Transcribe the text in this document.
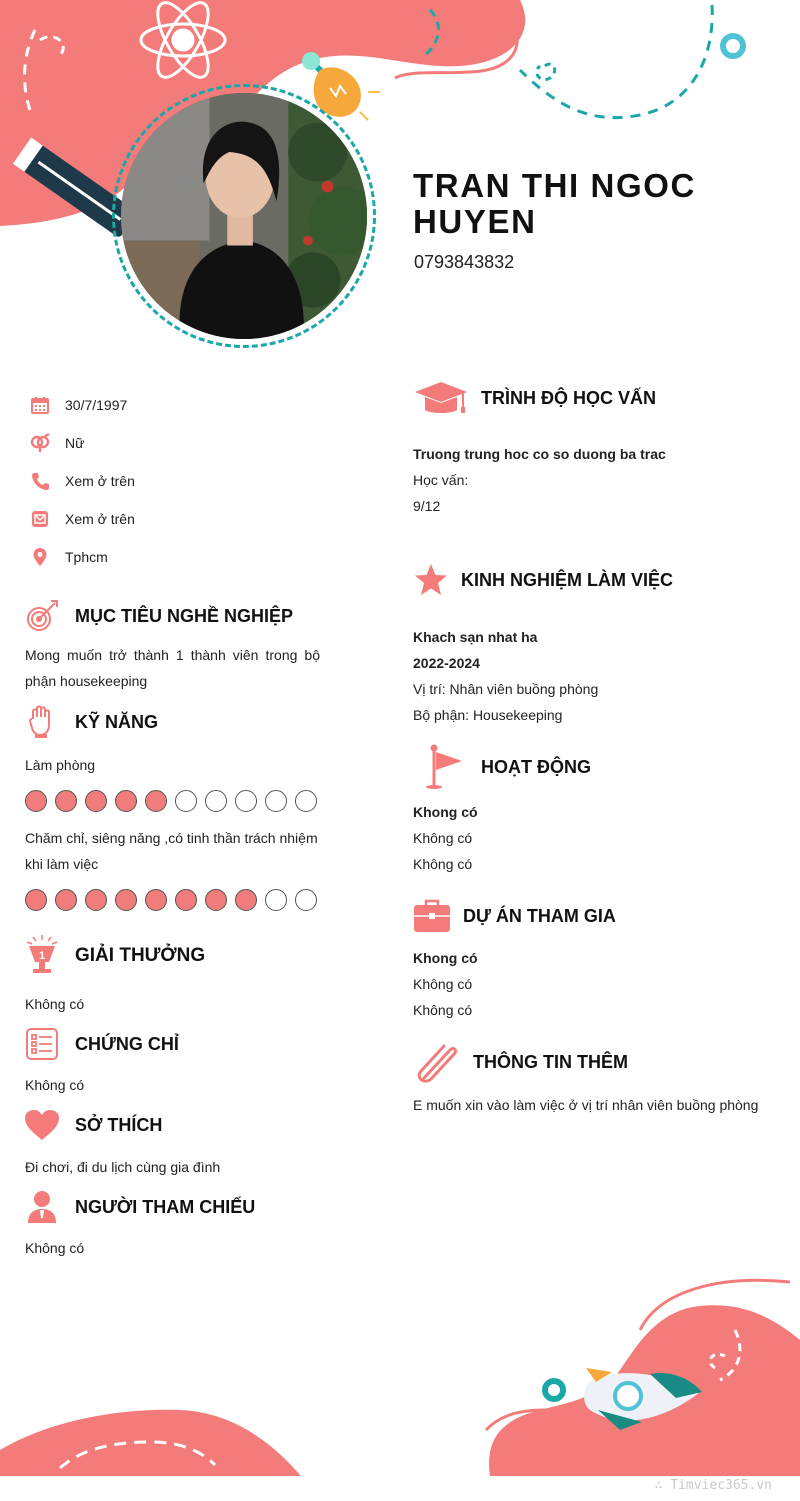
TRAN THI NGOC
HUYEN
0793843832
30/7/1997
Nữ
Xem ở trên
Xem ở trên
Tphcm
MỤC TIÊU NGHỀ NGHIỆP
Mong muốn trở thành 1 thành viên trong bộ phận housekeeping
KỸ NĂNG
Làm phòng
Chăm chỉ, siêng năng ,có tinh thần trách nhiệm khi làm việc
1 GIẢI THƯỞNG
Không có
CHỨNG CHỈ
Không có
SỞ THÍCH
Đi chơi, đi du lịch cùng gia đình
NGƯỜI THAM CHIẾU
Không có
TRÌNH ĐỘ HỌC VẤN
Truong trung hoc co so duong ba trac
Học vấn:
9/12
KINH NGHIỆM LÀM VIỆC
Khach sạn nhat ha
2022-2024
Vị trí: Nhân viên buồng phòng
Bộ phận: Housekeeping
HOẠT ĐỘNG
Khong có
Không có
Không có
DỰ ÁN THAM GIA
Khong có
Không có
Không có
THÔNG TIN THÊM
E muốn xin vào làm việc ở vị trí nhân viên buồng phòng
∴ Timviec365.vn
